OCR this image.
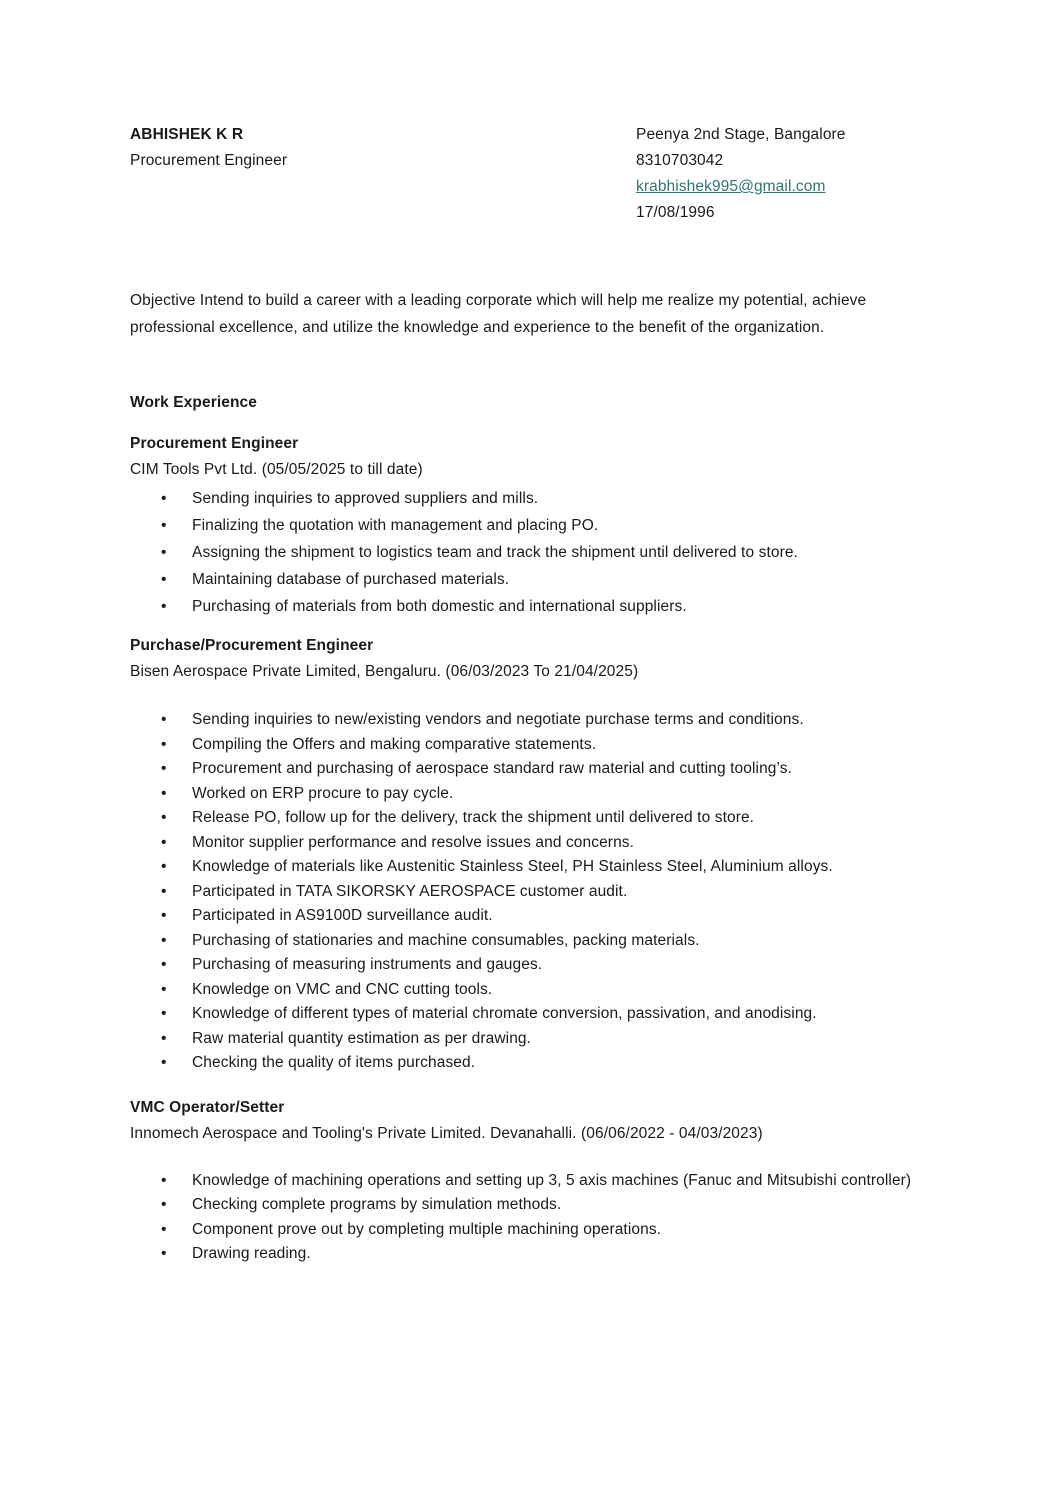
ABHISHEK K R
Procurement Engineer
Peenya 2nd Stage, Bangalore
8310703042
krabhishek995@gmail.com
17/08/1996

Objective Intend to build a career with a leading corporate which will help me realize my potential, achieve professional excellence, and utilize the knowledge and experience to the benefit of the organization.

Work Experience
Procurement Engineer
CIM Tools Pvt Ltd. (05/05/2025 to till date)
• Sending inquiries to approved suppliers and mills.
• Finalizing the quotation with management and placing PO.
• Assigning the shipment to logistics team and track the shipment until delivered to store.
• Maintaining database of purchased materials.
• Purchasing of materials from both domestic and international suppliers.
Purchase/Procurement Engineer
Bisen Aerospace Private Limited, Bengaluru. (06/03/2023 To 21/04/2025)
• Sending inquiries to new/existing vendors and negotiate purchase terms and conditions.
• Compiling the Offers and making comparative statements.
• Procurement and purchasing of aerospace standard raw material and cutting tooling’s.
• Worked on ERP procure to pay cycle.
• Release PO, follow up for the delivery, track the shipment until delivered to store.
• Monitor supplier performance and resolve issues and concerns.
• Knowledge of materials like Austenitic Stainless Steel, PH Stainless Steel, Aluminium alloys.
• Participated in TATA SIKORSKY AEROSPACE customer audit.
• Participated in AS9100D surveillance audit.
• Purchasing of stationaries and machine consumables, packing materials.
• Purchasing of measuring instruments and gauges.
• Knowledge on VMC and CNC cutting tools.
• Knowledge of different types of material chromate conversion, passivation, and anodising.
• Raw material quantity estimation as per drawing.
• Checking the quality of items purchased.
VMC Operator/Setter
Innomech Aerospace and Tooling's Private Limited. Devanahalli. (06/06/2022 - 04/03/2023)
• Knowledge of machining operations and setting up 3, 5 axis machines (Fanuc and Mitsubishi controller)
• Checking complete programs by simulation methods.
• Component prove out by completing multiple machining operations.
• Drawing reading.
